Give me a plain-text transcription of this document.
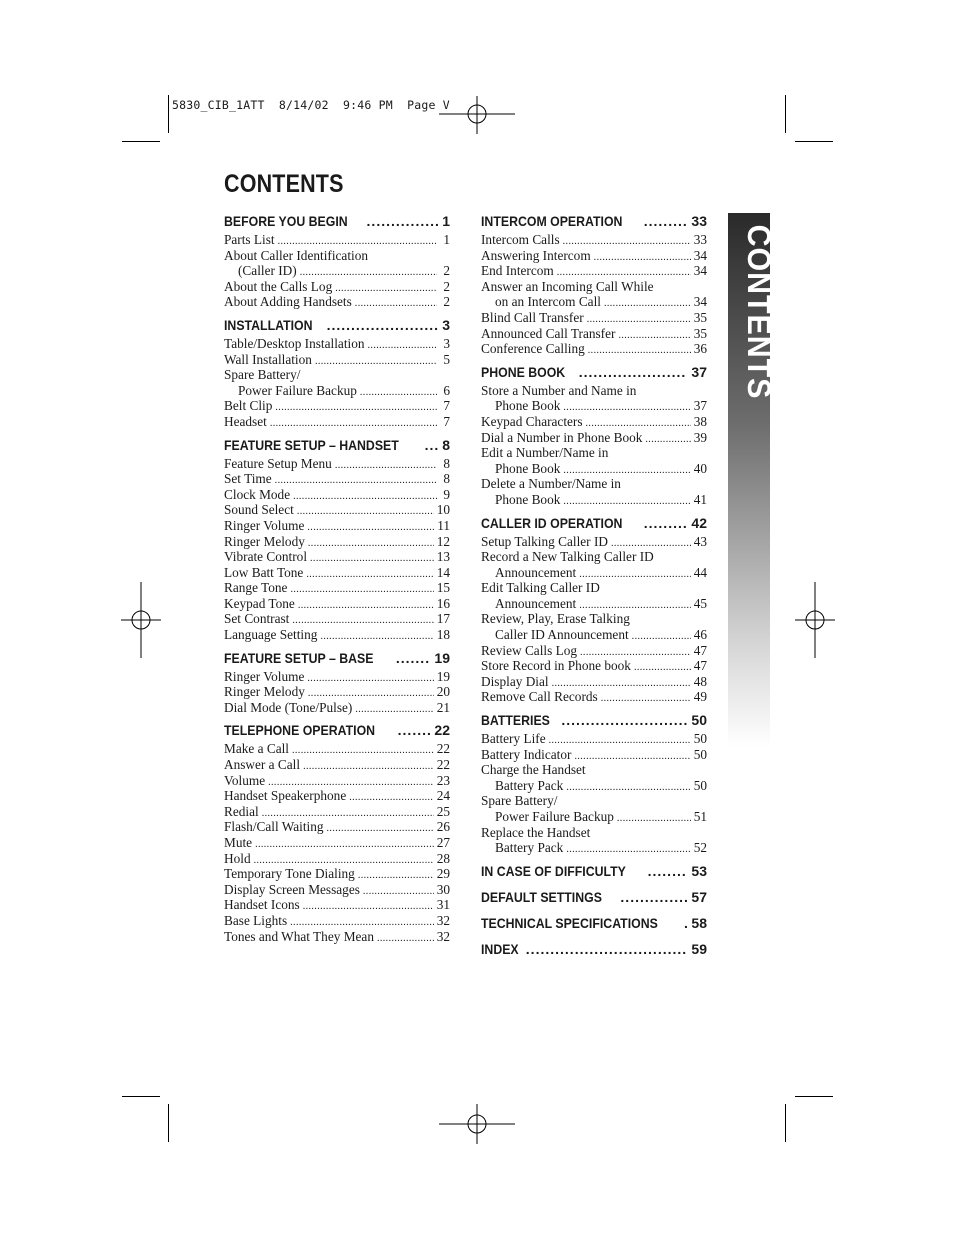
5830_CIB_1ATT  8/14/02  9:46 PM  Page V
CONTENTS
BEFORE YOU BEGIN .....	1
Parts List .....	1
About Caller Identification
(Caller ID) .....	2
About the Calls Log .....	2
About Adding Handsets .....	2
INSTALLATION .....	3
Table/Desktop Installation .....	3
Wall Installation .....	5
Spare Battery/
Power Failure Backup .....	6
Belt Clip .....	7
Headset .....	7
FEATURE SETUP – HANDSET .....	8
Feature Setup Menu .....	8
Set Time .....	8
Clock Mode .....	9
Sound Select .....	10
Ringer Volume .....	11
Ringer Melody .....	12
Vibrate Control .....	13
Low Batt Tone .....	14
Range Tone .....	15
Keypad Tone .....	16
Set Contrast .....	17
Language Setting .....	18
FEATURE SETUP – BASE .....	19
Ringer Volume .....	19
Ringer Melody .....	20
Dial Mode (Tone/Pulse) .....	21
TELEPHONE OPERATION .....	22
Make a Call .....	22
Answer a Call .....	22
Volume .....	23
Handset Speakerphone .....	24
Redial .....	25
Flash/Call Waiting .....	26
Mute .....	27
Hold .....	28
Temporary Tone Dialing .....	29
Display Screen Messages .....	30
Handset Icons .....	31
Base Lights .....	32
Tones and What They Mean .....	32
INTERCOM OPERATION .....	33
Intercom Calls .....	33
Answering Intercom .....	34
End Intercom .....	34
Answer an Incoming Call While
on an Intercom Call .....	34
Blind Call Transfer .....	35
Announced Call Transfer .....	35
Conference Calling .....	36
PHONE BOOK .....	37
Store a Number and Name in
Phone Book .....	37
Keypad Characters .....	38
Dial a Number in Phone Book .....	39
Edit a Number/Name in
Phone Book .....	40
Delete a Number/Name in
Phone Book .....	41
CALLER ID OPERATION .....	42
Setup Talking Caller ID .....	43
Record a New Talking Caller ID
Announcement .....	44
Edit Talking Caller ID
Announcement .....	45
Review, Play, Erase Talking
Caller ID Announcement .....	46
Review Calls Log .....	47
Store Record in Phone book .....	47
Display Dial .....	48
Remove Call Records .....	49
BATTERIES .....	50
Battery Life .....	50
Battery Indicator .....	50
Charge the Handset
Battery Pack .....	50
Spare Battery/
Power Failure Backup .....	51
Replace the Handset
Battery Pack .....	52
IN CASE OF DIFFICULTY .....	53
DEFAULT SETTINGS .....	57
TECHNICAL SPECIFICATIONS ..... 58
INDEX .....	59
CONTENTS
